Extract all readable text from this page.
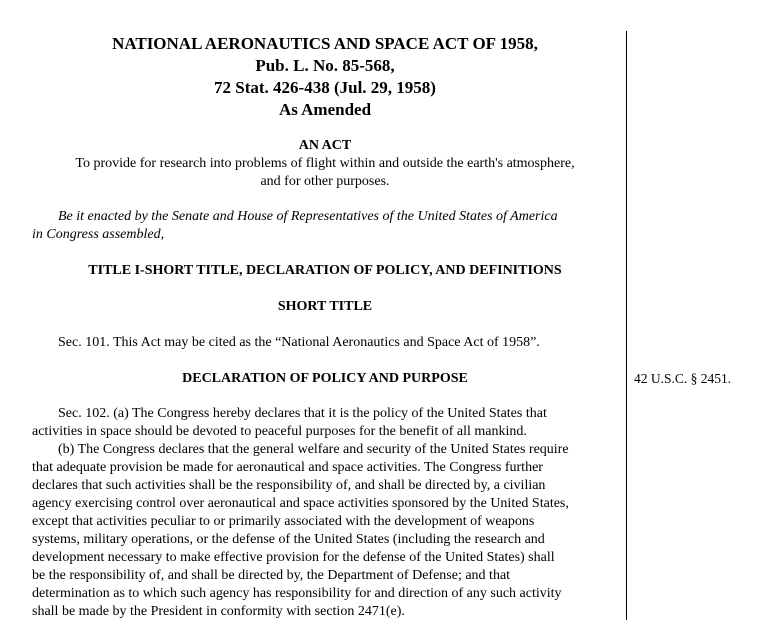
NATIONAL AERONAUTICS AND SPACE ACT OF 1958,
Pub. L. No. 85-568,
72 Stat. 426-438 (Jul. 29, 1958)
As Amended
AN ACT
To provide for research into problems of flight within and outside the earth's atmosphere,
and for other purposes.
Be it enacted by the Senate and House of Representatives of the United States of America
in Congress assembled,
TITLE I-SHORT TITLE, DECLARATION OF POLICY, AND DEFINITIONS
SHORT TITLE
Sec. 101. This Act may be cited as the “National Aeronautics and Space Act of 1958”.
DECLARATION OF POLICY AND PURPOSE
Sec. 102. (a) The Congress hereby declares that it is the policy of the United States that
activities in space should be devoted to peaceful purposes for the benefit of all mankind.
(b) The Congress declares that the general welfare and security of the United States require
that adequate provision be made for aeronautical and space activities. The Congress further
declares that such activities shall be the responsibility of, and shall be directed by, a civilian
agency exercising control over aeronautical and space activities sponsored by the United States,
except that activities peculiar to or primarily associated with the development of weapons
systems, military operations, or the defense of the United States (including the research and
development necessary to make effective provision for the defense of the United States) shall
be the responsibility of, and shall be directed by, the Department of Defense; and that
determination as to which such agency has responsibility for and direction of any such activity
shall be made by the President in conformity with section 2471(e).
42 U.S.C. § 2451.
